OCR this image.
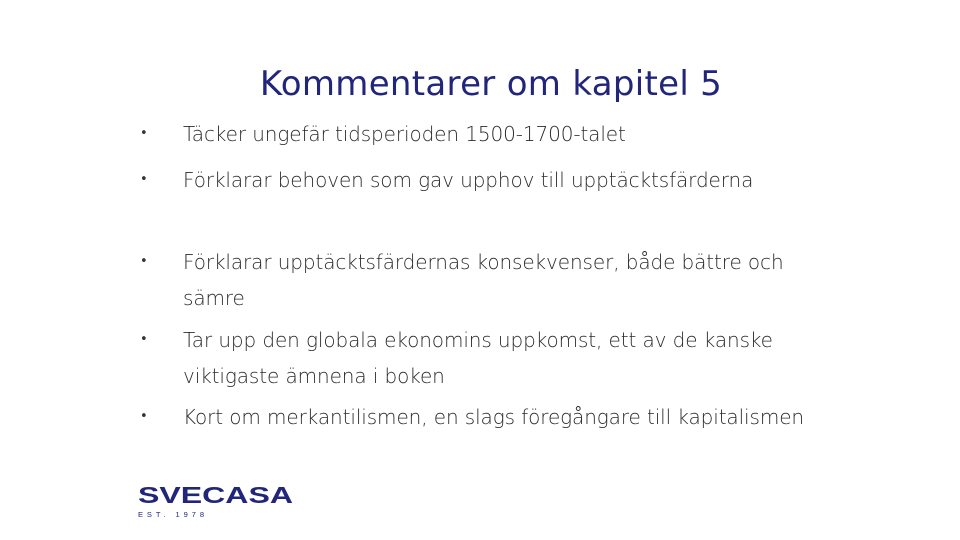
Kommentarer om kapitel 5
•	Täcker ungefär tidsperioden 1500-1700-talet
•	Förklarar behoven som gav upphov till upptäcktsfärderna
•	Förklarar upptäcktsfärdernas konsekvenser, både bättre och sämre
•	Tar upp den globala ekonomins uppkomst, ett av de kanske viktigaste ämnena i boken
•	Kort om merkantilismen, en slags föregångare till kapitalismen
SVECASA
EST. 1978
